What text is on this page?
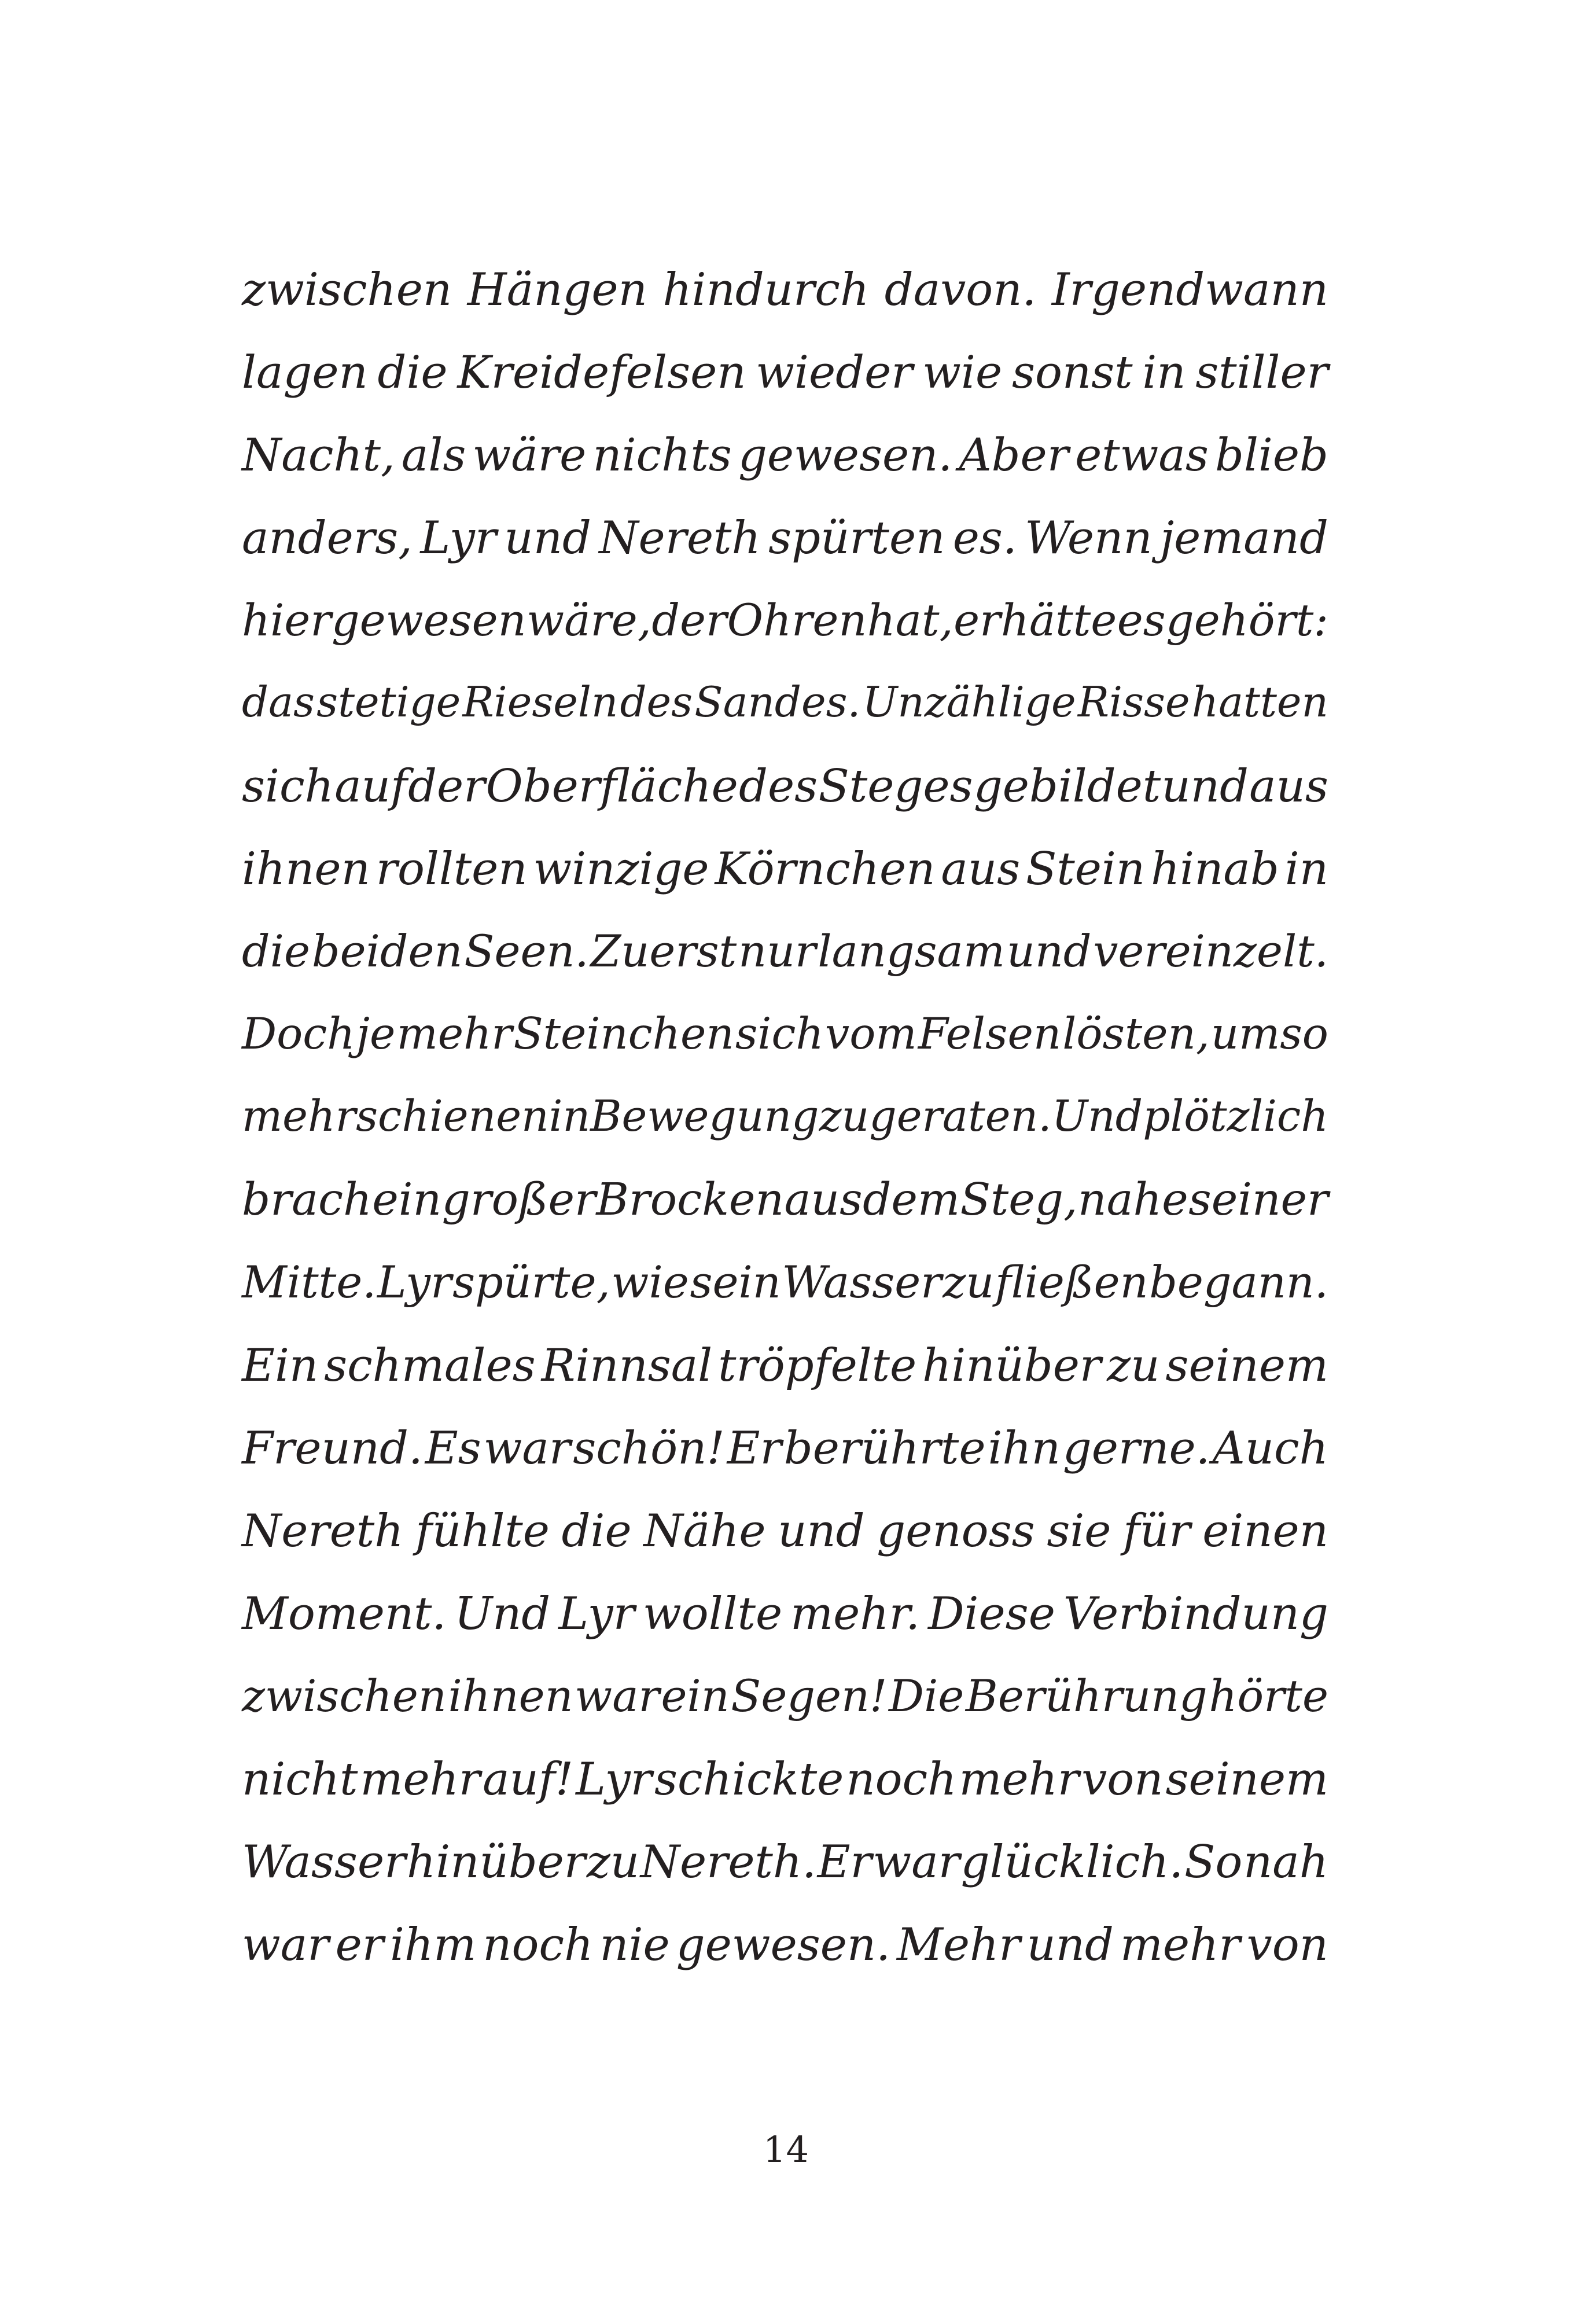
zwischen Hängen hindurch davon. Irgendwann
lagen die Kreidefelsen wieder wie sonst in stiller
Nacht, als wäre nichts gewesen. Aber etwas blieb
anders, Lyr und Nereth spürten es. Wenn jemand
hier gewesen wäre, der Ohren hat, er hätte es gehört:
das stetige Rieseln des Sandes. Unzählige Risse hatten
sich auf der Oberfläche des Steges gebildet und aus
ihnen rollten winzige Körnchen aus Stein hinab in
die beiden Seen. Zuerst nur langsam und vereinzelt.
Doch je mehr Steinchen sich vom Felsen lösten, umso
mehr schienen in Bewegung zu geraten. Und plötzlich
brach ein großer Brocken aus dem Steg, nahe seiner
Mitte. Lyr spürte, wie sein Wasser zu fließen begann.
Ein schmales Rinnsal tröpfelte hinüber zu seinem
Freund. Es war schön! Er berührte ihn gerne. Auch
Nereth fühlte die Nähe und genoss sie für einen
Moment. Und Lyr wollte mehr. Diese Verbindung
zwischen ihnen war ein Segen! Die Berührung hörte
nicht mehr auf! Lyr schickte noch mehr von seinem
Wasser hinüber zu Nereth. Er war glücklich. So nah
war er ihm noch nie gewesen. Mehr und mehr von
14
